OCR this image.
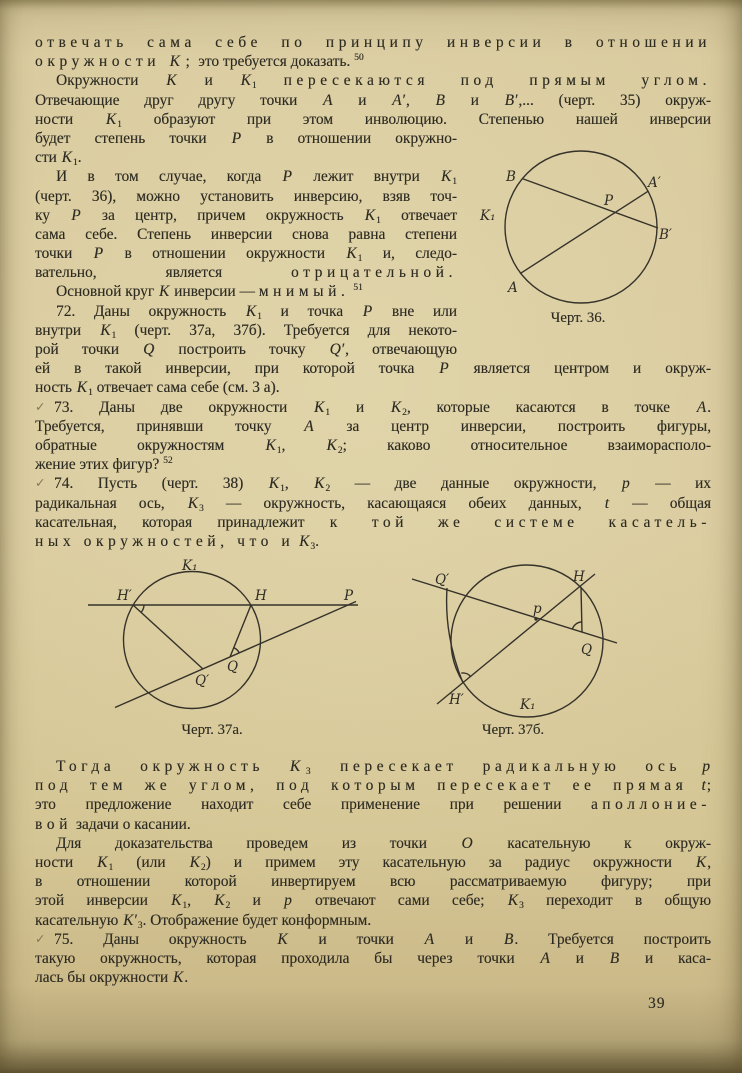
отвечать сама себе по принципу инверсии в отношении
окружности K; это требуется доказать. $^{50}$
Окружности K и $K_1$ пересекаются под прямым углом.
Отвечающие друг другу точки A и A′, B и B′,... (черт. 35) окруж-
ности $K_1$ образуют при этом инволюцию. Степенью нашей инверсии
будет степень точки P в отношении окружно-
сти $K_1$.
И в том случае, когда P лежит внутри $K_1$
(черт. 36), можно установить инверсию, взяв точ-
ку P за центр, причем окружность $K_1$ отвечает
сама себе. Степень инверсии снова равна степени
точки P в отношении окружности $K_1$ и, следо-
вательно, является отрицательной.
Основной круг K инверсии — мнимый. $^{51}$
72. Даны окружность $K_1$ и точка P вне или
внутри $K_1$ (черт. 37а, 37б). Требуется для некото-
рой точки Q построить точку Q′, отвечающую
ей в такой инверсии, при которой точка P является центром и окруж-
ность $K_1$ отвечает сама себе (см. 3 а).
✓ 73. Даны две окружности $K_1$ и $K_2$, которые касаются в точке A.
Требуется, принявши точку A за центр инверсии, построить фигуры,
обратные окружностям $K_1$, $K_2$; каково относительное взаиморасполо-
жение этих фигур? $^{52}$
✓ 74. Пусть (черт. 38) $K_1$, $K_2$ — две данные окружности, p — их
радикальная ось, $K_3$ — окружность, касающаяся обеих данных, t — общая
касательная, которая принадлежит к той же системе касатель-
ных окружностей, что и $K_3$.
B	A′
P
K₁
B′
A
Черт. 36.
K₁
H′	H	P
Q′
Q
Черт. 37а.
Q′	H
p
Q
H′	K₁
Черт. 37б.
Тогда окружность $K_3$ пересекает радикальную ось p
под тем же углом, под которым пересекает ее прямая t;
это предложение находит себе применение при решении аполлоние-
вой задачи о касании.
Для доказательства проведем из точки O касательную к окруж-
ности $K_1$ (или $K_2$) и примем эту касательную за радиус окружности K,
в отношении которой инвертируем всю рассматриваемую фигуру; при
этой инверсии $K_1$, $K_2$ и p отвечают сами себе; $K_3$ переходит в общую
касательную $K'_3$. Отображение будет конформным.
✓ 75. Даны окружность K и точки A и B. Требуется построить
такую окружность, которая проходила бы через точки A и B и каса-
лась бы окружности K.
39
